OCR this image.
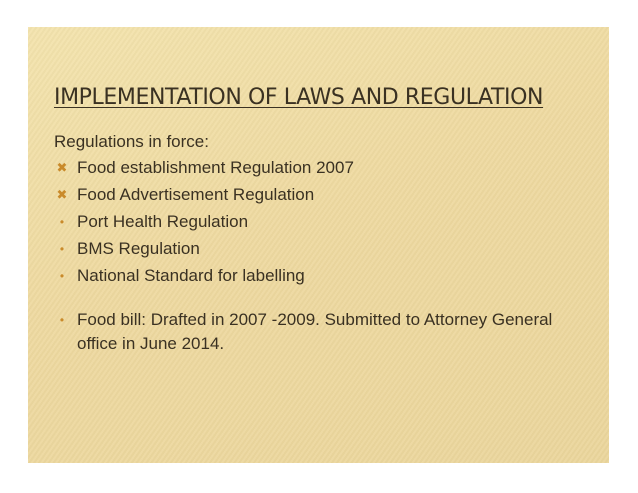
IMPLEMENTATION OF LAWS AND REGULATION

Regulations in force:

✖ Food establishment Regulation 2007
✖ Food Advertisement Regulation
• Port Health Regulation
• BMS Regulation
• National Standard for labelling
• Food bill: Drafted in 2007 -2009. Submitted to Attorney General office in June 2014.
